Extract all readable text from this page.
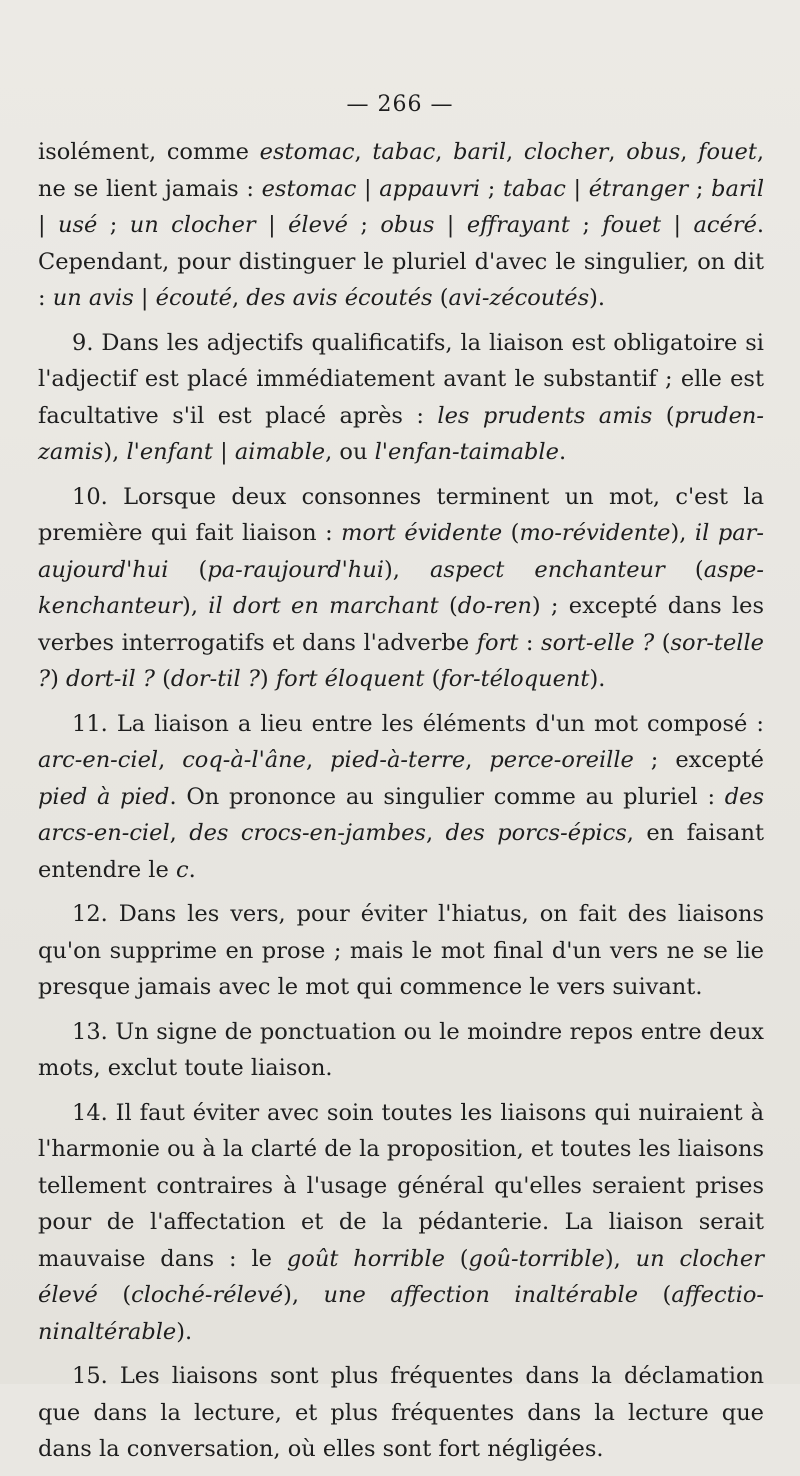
— 266 —

isolément, comme estomac, tabac, baril, clocher, obus, fouet, ne se lient jamais : estomac | appauvri ; tabac | étranger ; baril | usé ; un clocher | élevé ; obus | effrayant ; fouet | acéré. Cependant, pour distinguer le pluriel d'avec le singulier, on dit : un avis | écouté, des avis écoutés (avi-zécoutés).

9. Dans les adjectifs qualificatifs, la liaison est obligatoire si l'adjectif est placé immédiatement avant le substantif ; elle est facultative s'il est placé après : les prudents amis (pruden-zamis), l'enfant | aimable, ou l'enfan-taimable.

10. Lorsque deux consonnes terminent un mot, c'est la première qui fait liaison : mort évidente (mo-révidente), il par-aujourd'hui (pa-raujourd'hui), aspect enchanteur (aspe-kenchanteur), il dort en marchant (do-ren) ; excepté dans les verbes interrogatifs et dans l'adverbe fort : sort-elle ? (sor-telle ?) dort-il ? (dor-til ?) fort éloquent (for-téloquent).

11. La liaison a lieu entre les éléments d'un mot composé : arc-en-ciel, coq-à-l'âne, pied-à-terre, perce-oreille ; excepté pied à pied. On prononce au singulier comme au pluriel : des arcs-en-ciel, des crocs-en-jambes, des porcs-épics, en faisant entendre le c.

12. Dans les vers, pour éviter l'hiatus, on fait des liaisons qu'on supprime en prose ; mais le mot final d'un vers ne se lie presque jamais avec le mot qui commence le vers suivant.

13. Un signe de ponctuation ou le moindre repos entre deux mots, exclut toute liaison.

14. Il faut éviter avec soin toutes les liaisons qui nuiraient à l'harmonie ou à la clarté de la proposition, et toutes les liaisons tellement contraires à l'usage général qu'elles seraient prises pour de l'affectation et de la pédanterie. La liaison serait mauvaise dans : le goût horrible (goû-torrible), un clocher élevé (cloché-rélevé), une affection inaltérable (affectio-ninaltérable).

15. Les liaisons sont plus fréquentes dans la déclamation que dans la lecture, et plus fréquentes dans la lecture que dans la conversation, où elles sont fort négligées.
